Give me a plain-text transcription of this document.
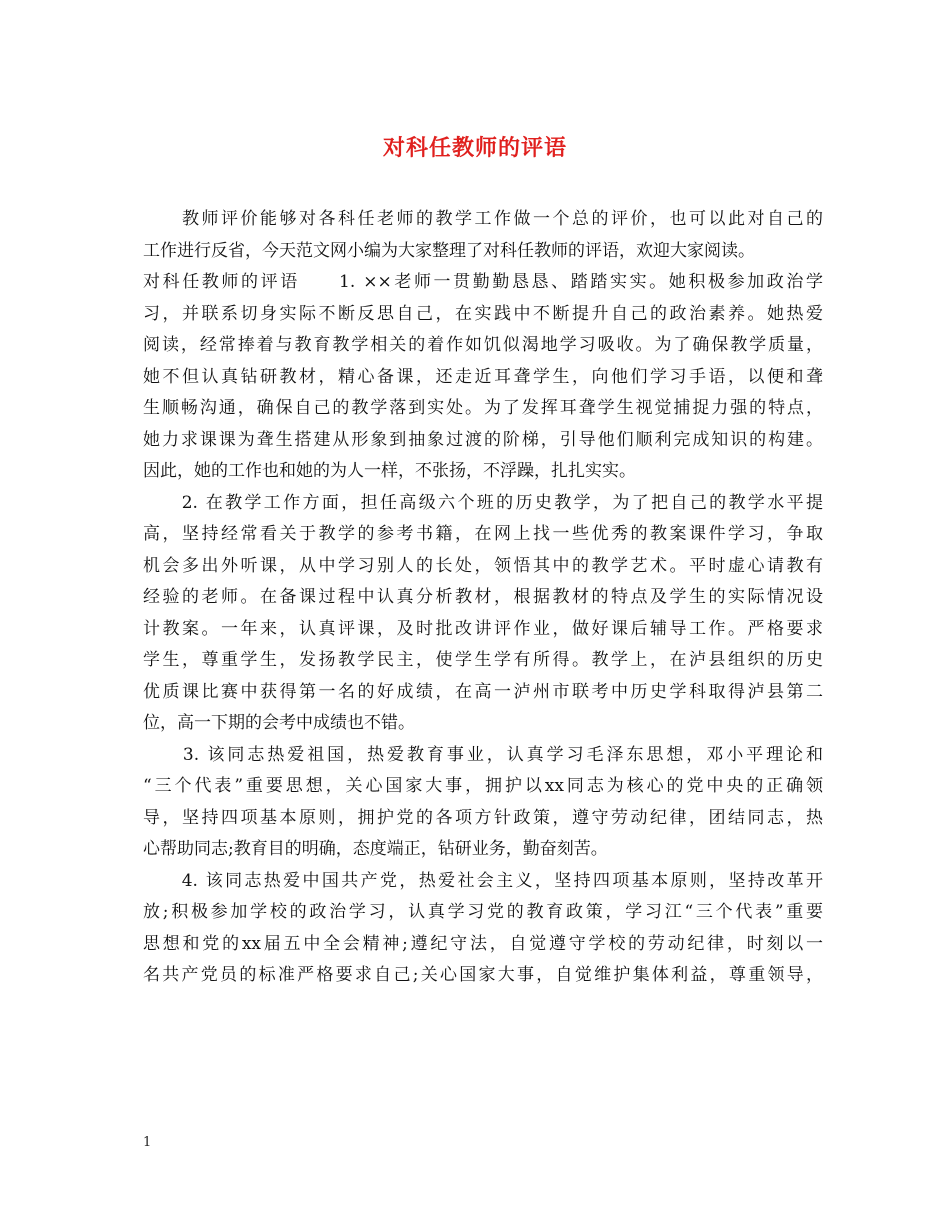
对科任教师的评语
　　教师评价能够对各科任老师的教学工作做一个总的评价，也可以此对自己的
工作进行反省，今天范文网小编为大家整理了对科任教师的评语，欢迎大家阅读。
对科任教师的评语　　1. ××老师一贯勤勤恳恳、踏踏实实。她积极参加政治学
习，并联系切身实际不断反思自己，在实践中不断提升自己的政治素养。她热爱
阅读，经常捧着与教育教学相关的着作如饥似渴地学习吸收。为了确保教学质量，
她不但认真钻研教材，精心备课，还走近耳聋学生，向他们学习手语，以便和聋
生顺畅沟通，确保自己的教学落到实处。为了发挥耳聋学生视觉捕捉力强的特点，
她力求课课为聋生搭建从形象到抽象过渡的阶梯，引导他们顺利完成知识的构建。
因此，她的工作也和她的为人一样，不张扬，不浮躁，扎扎实实。
　　2. 在教学工作方面，担任高级六个班的历史教学，为了把自己的教学水平提
高，坚持经常看关于教学的参考书籍，在网上找一些优秀的教案课件学习，争取
机会多出外听课，从中学习别人的长处，领悟其中的教学艺术。平时虚心请教有
经验的老师。在备课过程中认真分析教材，根据教材的特点及学生的实际情况设
计教案。一年来，认真评课，及时批改讲评作业，做好课后辅导工作。严格要求
学生，尊重学生，发扬教学民主，使学生学有所得。教学上，在泸县组织的历史
优质课比赛中获得第一名的好成绩，在高一泸州市联考中历史学科取得泸县第二
位，高一下期的会考中成绩也不错。
　　3. 该同志热爱祖国，热爱教育事业，认真学习毛泽东思想，邓小平理论和
“三个代表”重要思想，关心国家大事，拥护以xx同志为核心的党中央的正确领
导，坚持四项基本原则，拥护党的各项方针政策，遵守劳动纪律，团结同志，热
心帮助同志;教育目的明确，态度端正，钻研业务，勤奋刻苦。
　　4. 该同志热爱中国共产党，热爱社会主义，坚持四项基本原则，坚持改革开
放;积极参加学校的政治学习，认真学习党的教育政策，学习江“三个代表”重要
思想和党的xx届五中全会精神;遵纪守法，自觉遵守学校的劳动纪律，时刻以一
名共产党员的标准严格要求自己;关心国家大事，自觉维护集体利益，尊重领导，
1
